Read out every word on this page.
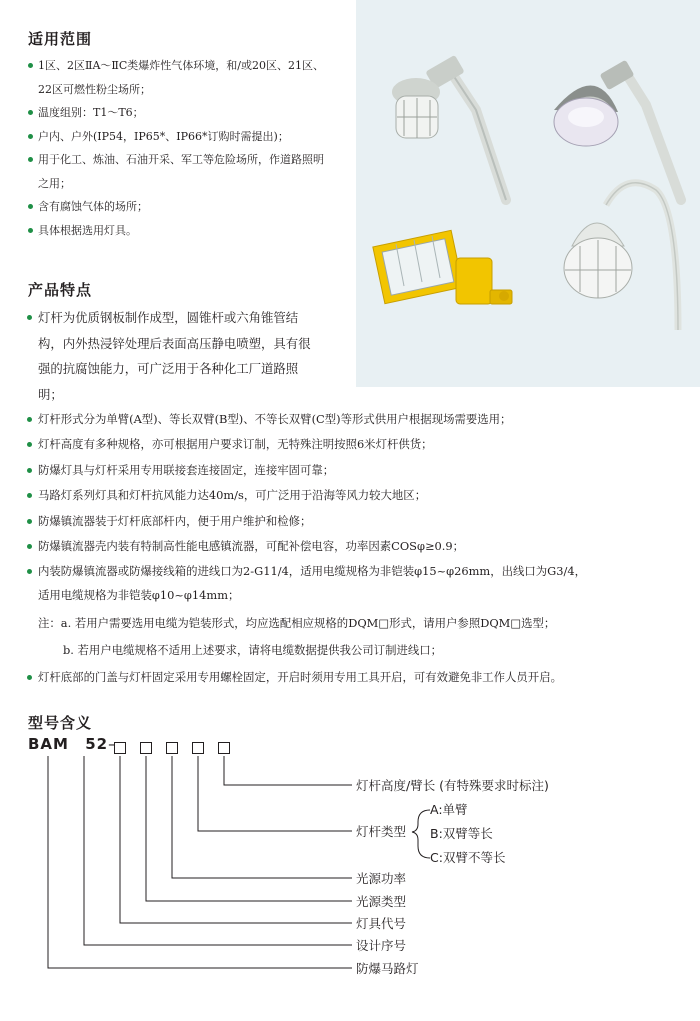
适用范围
1区、2区ⅡA～ⅡC类爆炸性气体环境，和/或20区、21区、22区可燃性粉尘场所；
温度组别：T1～T6；
户内、户外(IP54，IP65*、IP66*订购时需提出)；
用于化工、炼油、石油开采、军工等危险场所，作道路照明之用；
含有腐蚀气体的场所；
具体根据选用灯具。
产品特点
灯杆为优质钢板制作成型，圆锥杆或六角锥管结构，内外热浸锌处理后表面高压静电喷塑，具有很强的抗腐蚀能力，可广泛用于各种化工厂道路照明；
灯杆形式分为单臂(A型)、等长双臂(B型)、不等长双臂(C型)等形式供用户根据现场需要选用；
灯杆高度有多种规格，亦可根据用户要求订制，无特殊注明按照6米灯杆供货；
防爆灯具与灯杆采用专用联接套连接固定，连接牢固可靠；
马路灯系列灯具和灯杆抗风能力达40m/s，可广泛用于沿海等风力较大地区；
防爆镇流器装于灯杆底部杆内，便于用户维护和检修；
防爆镇流器壳内装有特制高性能电感镇流器，可配补偿电容，功率因素COSφ≥0.9；
内装防爆镇流器或防爆接线箱的进线口为2-G11/4，适用电缆规格为非铠装φ15~φ26mm，出线口为G3/4，
适用电缆规格为非铠装φ10~φ14mm；
注：a. 若用户需要选用电缆为铠装形式，均应选配相应规格的DQM□形式，请用户参照DQM□选型；
b. 若用户电缆规格不适用上述要求，请将电缆数据提供我公司订制进线口；
灯杆底部的门盖与灯杆固定采用专用螺栓固定，开启时须用专用工具开启，可有效避免非工作人员开启。
型号含义
BAM 52–
灯杆高度/臂长 (有特殊要求时标注)
灯杆类型
A:单臂
B:双臂等长
C:双臂不等长
光源功率
光源类型
灯具代号
设计序号
防爆马路灯
